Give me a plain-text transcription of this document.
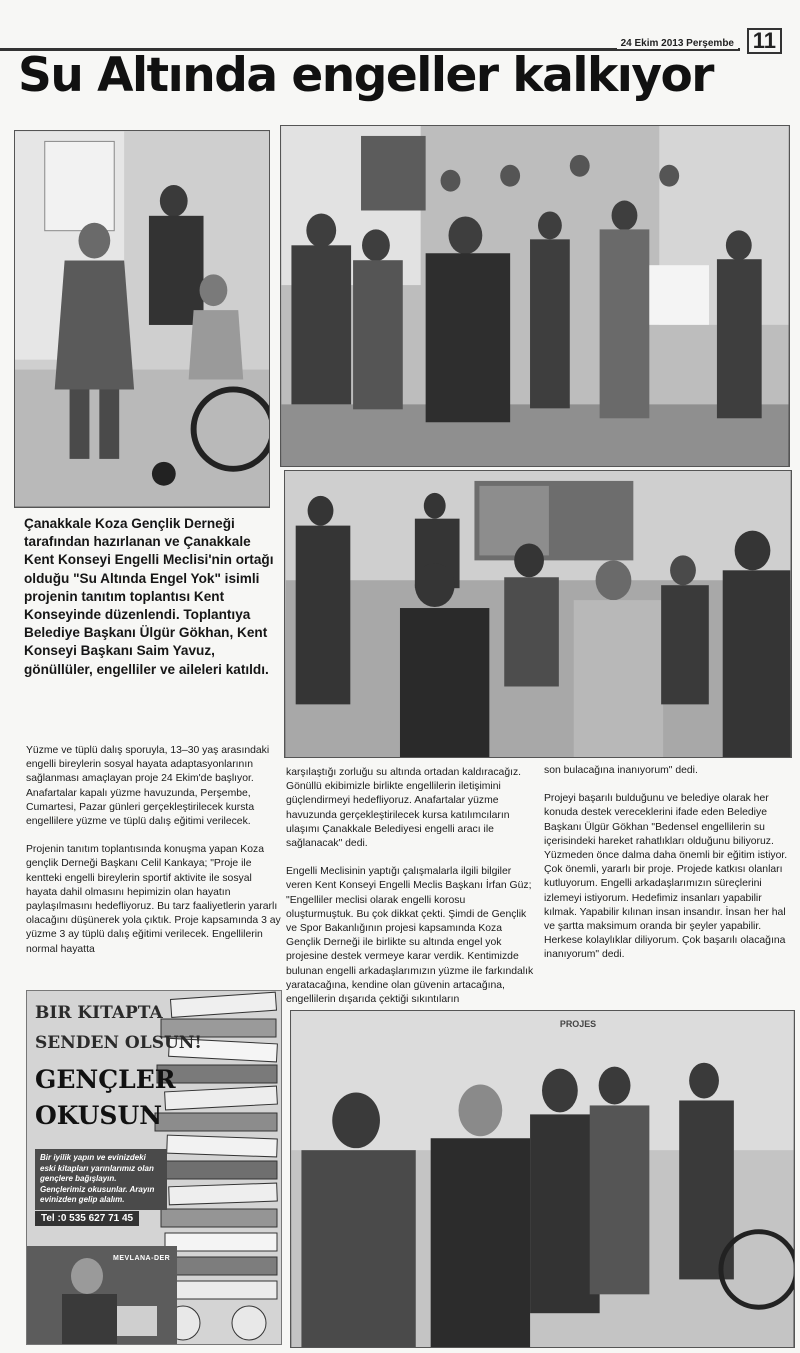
24 Ekim 2013 Perşembe 11
Su Altında engeller kalkıyor
PROJES

Çanakkale Koza Gençlik Derneği tarafından hazırlanan ve Çanakkale Kent Konseyi Engelli Meclisi'nin ortağı olduğu "Su Altında Engel Yok" isimli projenin tanıtım toplantısı Kent Konseyinde düzenlendi. Toplantıya Belediye Başkanı Ülgür Gökhan, Kent Konseyi Başkanı Saim Yavuz, gönüllüler, engelliler ve aileleri katıldı.

Yüzme ve tüplü dalış sporuyla, 13–30 yaş arasındaki engelli bireylerin sosyal hayata adaptasyonlarının sağlanması amaçlayan proje 24 Ekim'de başlıyor. Anafartalar kapalı yüzme havuzunda, Perşembe, Cumartesi, Pazar günleri gerçekleştirilecek kursta engellilere yüzme ve tüplü dalış eğitimi verilecek.

Projenin tanıtım toplantısında konuşma yapan Koza gençlik Derneği Başkanı Celil Kankaya; "Proje ile kentteki engelli bireylerin sportif aktivite ile sosyal hayata dahil olmasını hepimizin olan hayatın paylaşılmasını hedefliyoruz. Bu tarz faaliyetlerin yararlı olacağını düşünerek yola çıktık. Proje kapsamında 3 ay yüzme 3 ay tüplü dalış eğitimi verilecek. Engellilerin normal hayatta

karşılaştığı zorluğu su altında ortadan kaldıracağız. Gönüllü ekibimizle birlikte engellilerin iletişimini güçlendirmeyi hedefliyoruz. Anafartalar yüzme havuzunda gerçekleştirilecek kursa katılımcıların ulaşımı Çanakkale Belediyesi engelli aracı ile sağlanacak" dedi.

Engelli Meclisinin yaptığı çalışmalarla ilgili bilgiler veren Kent Konseyi Engelli Meclis Başkanı İrfan Güz; "Engelliler meclisi olarak engelli korosu oluşturmuştuk. Bu çok dikkat çekti. Şimdi de Gençlik ve Spor Bakanlığının projesi kapsamında Koza Gençlik Derneği ile birlikte su altında engel yok projesine destek vermeye karar verdik. Kentimizde bulunan engelli arkadaşlarımızın yüzme ile farkındalık yaratacağına, kendine olan güvenin artacağına, engellilerin dışarıda çektiği sıkıntıların

son bulacağına inanıyorum" dedi.

Projeyi başarılı bulduğunu ve belediye olarak her konuda destek vereceklerini ifade eden Belediye Başkanı Ülgür Gökhan "Bedensel engellilerin su içerisindeki hareket rahatlıkları olduğunu biliyoruz. Yüzmeden önce dalma daha önemli bir eğitim istiyor. Çok önemli, yararlı bir proje. Projede katkısı olanları kutluyorum. Engelli arkadaşlarımızın süreçlerini izlemeyi istiyorum. Hedefimiz insanları yapabilir kılmak. Yapabilir kılınan insan insandır. İnsan her hal ve şartta maksimum oranda bir şeyler yapabilir. Herkese kolaylıklar diliyorum. Çok başarılı olacağına inanıyorum" dedi.

BIR KITAPTA
SENDEN OLSUN!
GENÇLER
OKUSUN
Bir iyilik yapın ve evinizdeki eski kitapları yarınlarımız olan gençlere bağışlayın. Gençlerimiz okusunlar. Arayın evinizden gelip alalım.
Tel :0 535 627 71 45
MEVLANA-DER
